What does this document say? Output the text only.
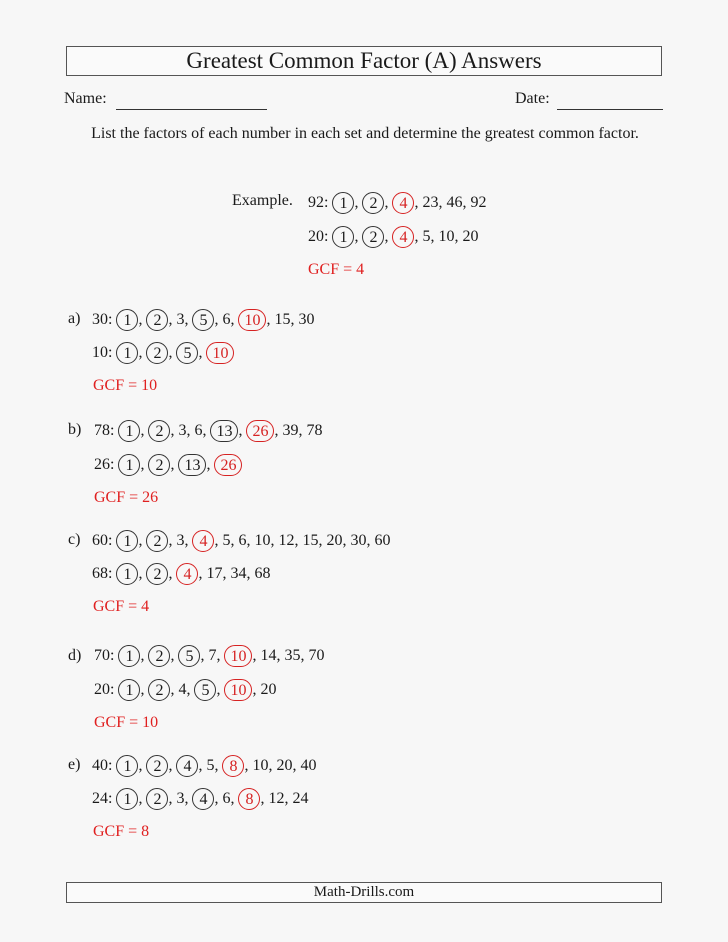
Greatest Common Factor (A) Answers
Name:	Date:
List the factors of each number in each set and determine the greatest common factor.
Example. 92: 1 , 2 , 4 , 23 , 46 , 92
20: 1 , 2 , 4 , 5 , 10 , 20
GCF = 4
a) 30: 1 , 2 , 3 , 5 , 6 , 10 , 15 , 30
10: 1 , 2 , 5 , 10
GCF = 10
b) 78: 1 , 2 , 3 , 6 , 13 , 26 , 39 , 78
26: 1 , 2 , 13 , 26
GCF = 26
c) 60: 1 , 2 , 3 , 4 , 5 , 6 , 10 , 12 , 15 , 20 , 30 , 60
68: 1 , 2 , 4 , 17 , 34 , 68
GCF = 4
d) 70: 1 , 2 , 5 , 7 , 10 , 14 , 35 , 70
20: 1 , 2 , 4 , 5 , 10 , 20
GCF = 10
e) 40: 1 , 2 , 4 , 5 , 8 , 10 , 20 , 40
24: 1 , 2 , 3 , 4 , 6 , 8 , 12 , 24
GCF = 8
Math-Drills.com
